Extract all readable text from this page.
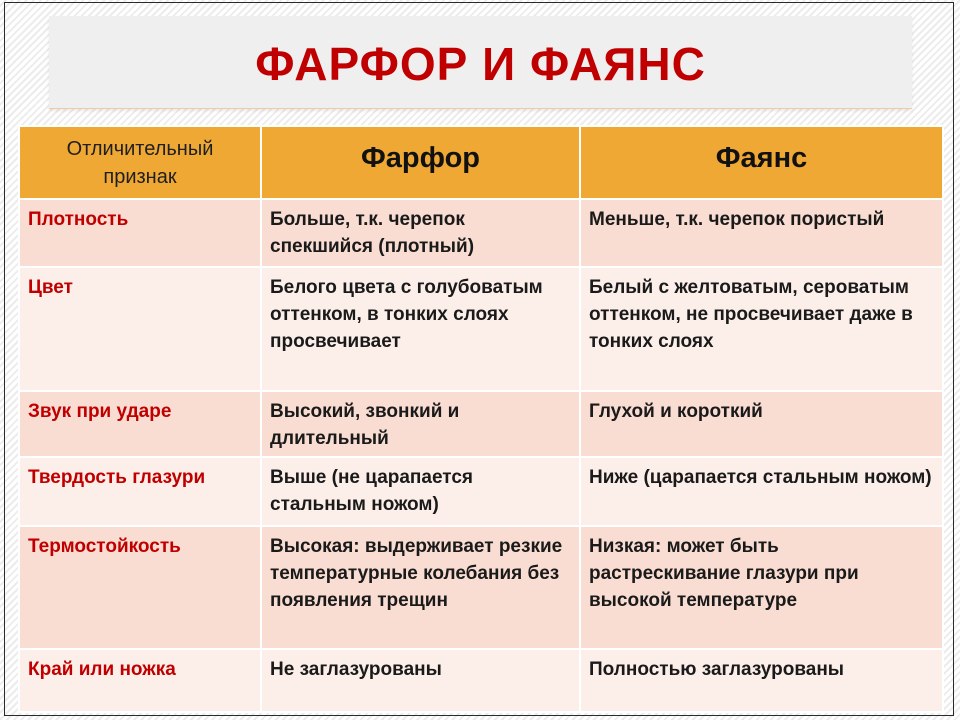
ФАРФОР И ФАЯНС
Отличительный признак	Фарфор	Фаянс
Плотность	Больше, т.к. черепок спекшийся (плотный)	Меньше, т.к. черепок пористый
Цвет	Белого цвета с голубоватым оттенком, в тонких слоях просвечивает	Белый с желтоватым, сероватым оттенком, не просвечивает даже в тонких слоях
Звук при ударе	Высокий, звонкий и длительный	Глухой и короткий
Твердость глазури	Выше (не царапается стальным ножом)	Ниже (царапается стальным ножом)
Термостойкость	Высокая: выдерживает резкие температурные колебания без появления трещин	Низкая: может быть растрескивание глазури при высокой температуре
Край или ножка	Не заглазурованы	Полностью заглазурованы
